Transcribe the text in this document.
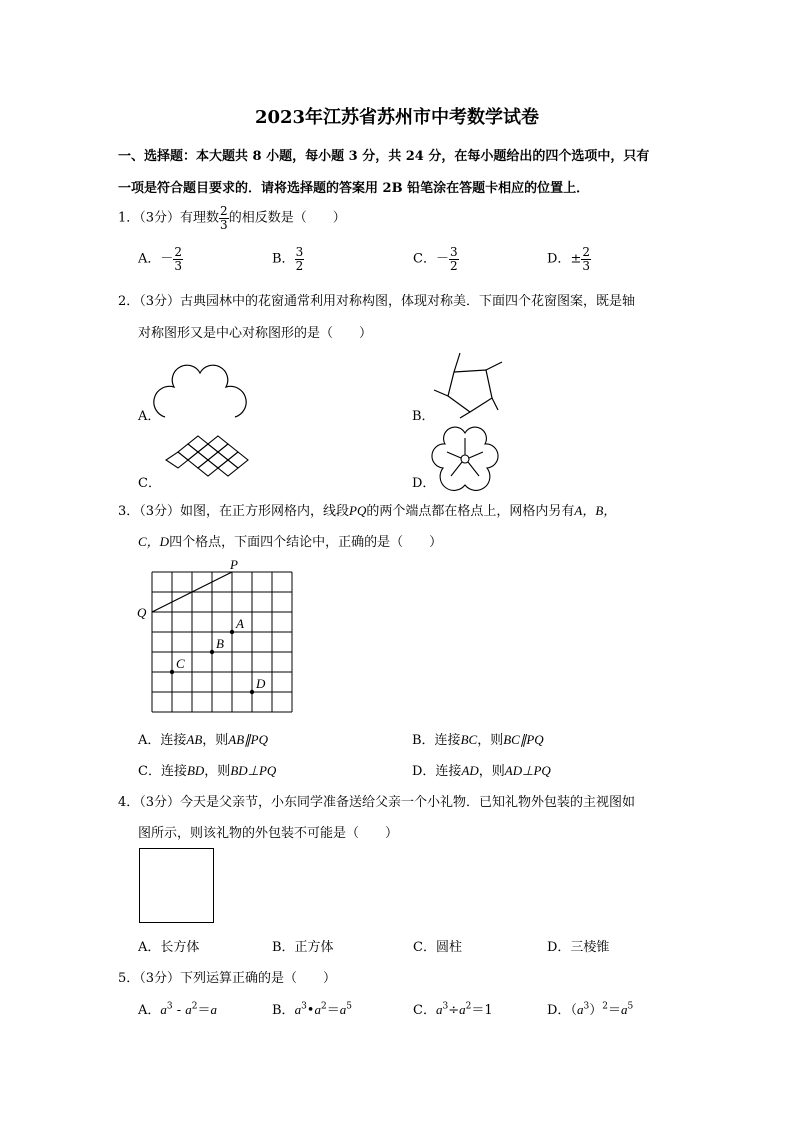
2023年江苏省苏州市中考数学试卷
一、选择题：本大题共 8 小题，每小题 3 分，共 24 分，在每小题给出的四个选项中，只有
一项是符合题目要求的．请将选择题的答案用 2B 铅笔涂在答题卡相应的位置上．
1．（3分）有理数 $\frac{2}{3}$ 的相反数是（　　）
A．－ $\frac{2}{3}$	B． $\frac{3}{2}$	C．－ $\frac{3}{2}$	D．± $\frac{2}{3}$
2．（3分）古典园林中的花窗通常利用对称构图，体现对称美．下面四个花窗图案，既是轴
对称图形又是中心对称图形的是（　　）
A．	B．
C．	D．
3．（3分）如图，在正方形网格内，线段PQ的两个端点都在格点上，网格内另有A，B，
C，D四个格点，下面四个结论中，正确的是（　　）
A
B
C
D
P
Q
A．连接AB，则AB∥PQ	B．连接BC，则BC∥PQ
C．连接BD，则BD⊥PQ	D．连接AD，则AD⊥PQ
4．（3分）今天是父亲节，小东同学准备送给父亲一个小礼物．已知礼物外包装的主视图如
图所示，则该礼物的外包装不可能是（　　）
A．长方体	B．正方体	C．圆柱	D．三棱锥
5．（3分）下列运算正确的是（　　）
A．$a^3 - a^2=a$	B．$a^3•a^2=a^5$	C．$a^3\div a^2=1$	D．$(a^3)^2=a^5$
